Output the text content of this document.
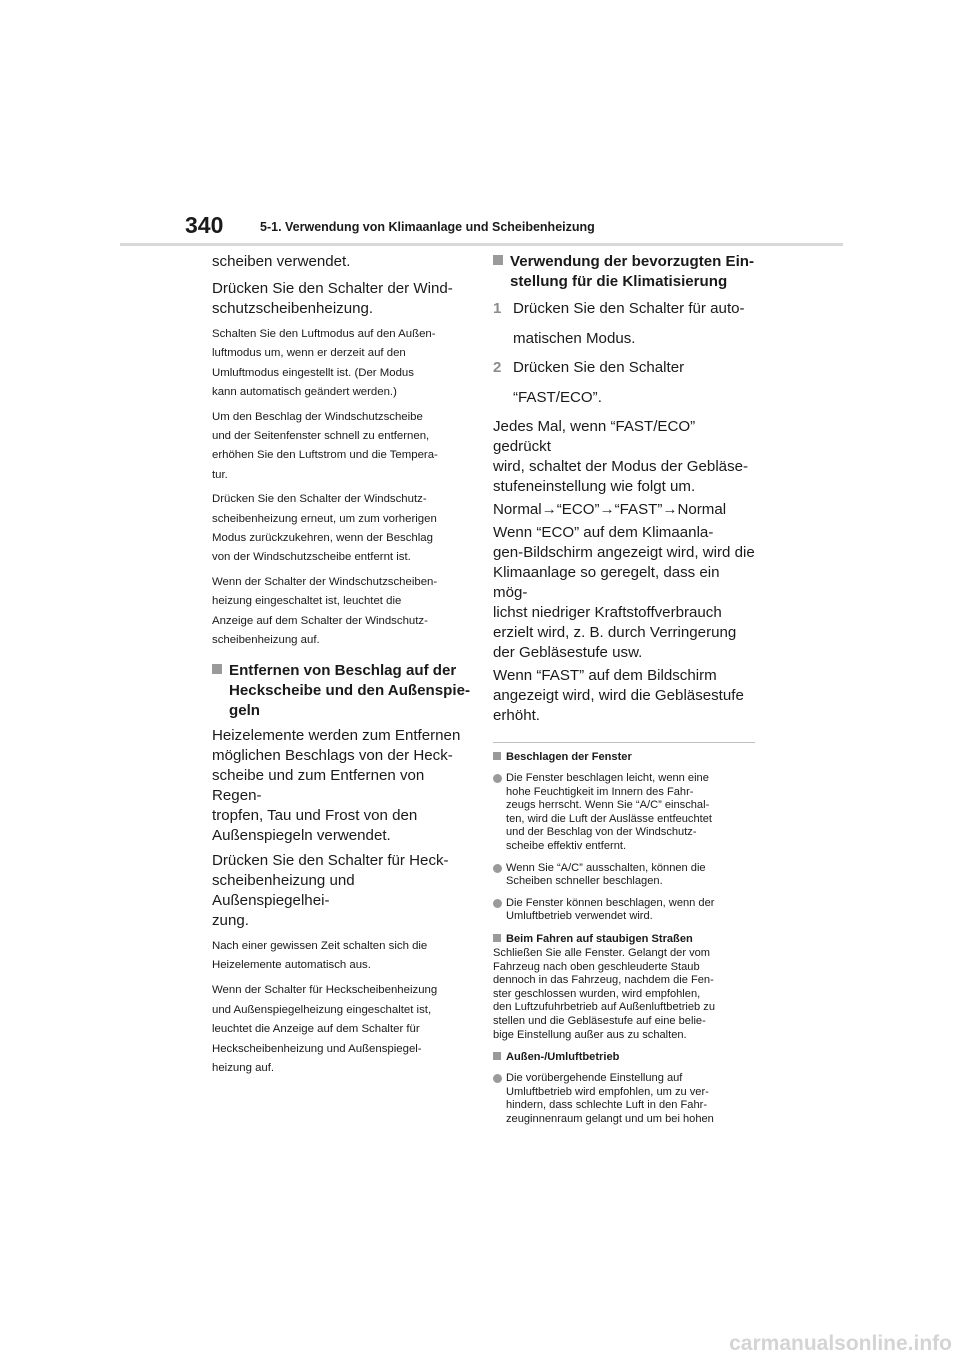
340	5-1. Verwendung von Klimaanlage und Scheibenheizung

scheiben verwendet.

Drücken Sie den Schalter der Wind-
schutzscheibenheizung.

Schalten Sie den Luftmodus auf den Außen-
luftmodus um, wenn er derzeit auf den
Umluftmodus eingestellt ist. (Der Modus
kann automatisch geändert werden.)

Um den Beschlag der Windschutzscheibe
und der Seitenfenster schnell zu entfernen,
erhöhen Sie den Luftstrom und die Tempera-
tur.

Drücken Sie den Schalter der Windschutz-
scheibenheizung erneut, um zum vorherigen
Modus zurückzukehren, wenn der Beschlag
von der Windschutzscheibe entfernt ist.

Wenn der Schalter der Windschutzscheiben-
heizung eingeschaltet ist, leuchtet die
Anzeige auf dem Schalter der Windschutz-
scheibenheizung auf.

Entfernen von Beschlag auf der
Heckscheibe und den Außenspie-
geln

Heizelemente werden zum Entfernen
möglichen Beschlags von der Heck-
scheibe und zum Entfernen von Regen-
tropfen, Tau und Frost von den
Außenspiegeln verwendet.

Drücken Sie den Schalter für Heck-
scheibenheizung und Außenspiegelhei-
zung.

Nach einer gewissen Zeit schalten sich die
Heizelemente automatisch aus.

Wenn der Schalter für Heckscheibenheizung
und Außenspiegelheizung eingeschaltet ist,
leuchtet die Anzeige auf dem Schalter für
Heckscheibenheizung und Außenspiegel-
heizung auf.

Verwendung der bevorzugten Ein-
stellung für die Klimatisierung
1 Drücken Sie den Schalter für auto-
matischen Modus.
2 Drücken Sie den Schalter
“FAST/ECO”.

Jedes Mal, wenn “FAST/ECO” gedrückt
wird, schaltet der Modus der Gebläse-
stufeneinstellung wie folgt um.

Normal→“ECO”→“FAST”→Normal

Wenn “ECO” auf dem Klimaanla-
gen-Bildschirm angezeigt wird, wird die
Klimaanlage so geregelt, dass ein mög-
lichst niedriger Kraftstoffverbrauch
erzielt wird, z. B. durch Verringerung
der Gebläsestufe usw.

Wenn “FAST” auf dem Bildschirm
angezeigt wird, wird die Gebläsestufe
erhöht.

Beschlagen der Fenster
Die Fenster beschlagen leicht, wenn eine
hohe Feuchtigkeit im Innern des Fahr-
zeugs herrscht. Wenn Sie “A/C” einschal-
ten, wird die Luft der Auslässe entfeuchtet
und der Beschlag von der Windschutz-
scheibe effektiv entfernt.
Wenn Sie “A/C” ausschalten, können die
Scheiben schneller beschlagen.
Die Fenster können beschlagen, wenn der
Umluftbetrieb verwendet wird.
Beim Fahren auf staubigen Straßen

Schließen Sie alle Fenster. Gelangt der vom
Fahrzeug nach oben geschleuderte Staub
dennoch in das Fahrzeug, nachdem die Fen-
ster geschlossen wurden, wird empfohlen,
den Luftzufuhrbetrieb auf Außenluftbetrieb zu
stellen und die Gebläsestufe auf eine belie-
bige Einstellung außer aus zu schalten.

Außen-/Umluftbetrieb
Die vorübergehende Einstellung auf
Umluftbetrieb wird empfohlen, um zu ver-
hindern, dass schlechte Luft in den Fahr-
zeuginnenraum gelangt und um bei hohen
carmanualsonline.info
